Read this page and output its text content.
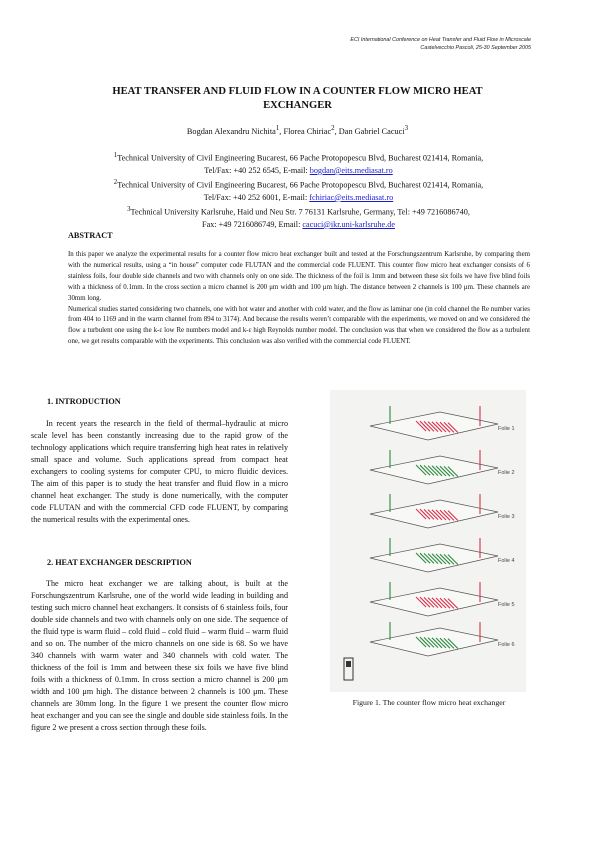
ECI International Conference on Heat Transfer and Fluid Flow in Microscale
Castelvecchio Pascoli, 25-30 September 2005
HEAT TRANSFER AND FLUID FLOW IN A COUNTER FLOW MICRO HEAT
EXCHANGER
Bogdan Alexandru Nichita$^1$, Florea Chiriac$^2$, Dan Gabriel Cacuci$^3$
$^1$Technical University of Civil Engineering Bucarest, 66 Pache Protopopescu Blvd, Bucharest 021414, Romania,
Tel/Fax: +40 252 6545, E-mail: bogdan@eits.mediasat.ro
$^2$Technical University of Civil Engineering Bucarest, 66 Pache Protopopescu Blvd, Bucharest 021414, Romania,
Tel/Fax: +40 252 6001, E-mail: fchiriac@eits.mediasat.ro
$^3$Technical University Karlsruhe, Haid und Neu Str. 7 76131 Karlsruhe, Germany, Tel: +49 7216086740,
Fax: +49 7216086749, Email: cacuci@ikr.uni-karlsruhe.de
ABSTRACT

In this paper we analyze the experimental results for a counter flow micro heat exchanger built and tested at the Forschungszentrum Karlsruhe, by comparing them with the numerical results, using a “in house” computer code FLUTAN and the commercial code FLUENT. This counter flow micro heat exchanger consists of 6 stainless foils, four double side channels and two with channels only on one side. The thickness of the foil is 1mm and between these six foils we have five blind foils with a thickness of 0.1mm. In the cross section a micro channel is 200 μm width and 100 μm high. The distance between 2 channels is 100 μm. These channels are 30mm long.

Numerical studies started considering two channels, one with hot water and another with cold water, and the flow as laminar one (in cold channel the Re number varies from 404 to 1169 and in the warm channel from 894 to 3174). And because the results weren’t comparable with the experiments, we moved on and we considered the flow a turbulent one using the k-ε low Re numbers model and k-ε high Reynolds number model. The conclusion was that when we considered the flow as a turbulent one, we get results comparable with the experiments. This conclusion was also verified with the commercial code FLUENT.

1. INTRODUCTION

In recent years the research in the field of thermal–hydraulic at micro scale level has been constantly increasing due to the rapid grow of the technology applications which require transferring high heat rates in relatively small space and volume. Such applications spread from compact heat exchangers to cooling systems for computer CPU, to micro fluidic devices. The aim of this paper is to study the heat transfer and fluid flow in a micro channel heat exchanger. The study is done numerically, with the computer code FLUTAN and with the commercial CFD code FLUENT, by comparing the numerical results with the experimental ones.

2. HEAT EXCHANGER DESCRIPTION

The micro heat exchanger we are talking about, is built at the Forschungszentrum Karlsruhe, one of the world wide leading in building and testing such micro channel heat exchangers. It consists of 6 stainless foils, four double side channels and two with channels only on one side. The sequence of the fluid type is warm fluid – cold fluid – cold fluid – warm fluid – warm fluid and so on. The number of the micro channels on one side is 68. So we have 340 channels with warm water and 340 channels with cold water. The thickness of the foil is 1mm and between these six foils we have five blind foils with a thickness of 0.1mm. In cross section a micro channel is 200 μm width and 100 μm high. The distance between 2 channels is 100 μm. These channels are 30mm long. In the figure 1 we present the counter flow micro heat exchanger and you can see the single and double side stainless foils. In the figure 2 we present a cross section through these foils.

Folie 1
Folie 2
Folie 3
Folie 4
Folie 5
Folie 6
Figure 1. The counter flow micro heat exchanger
